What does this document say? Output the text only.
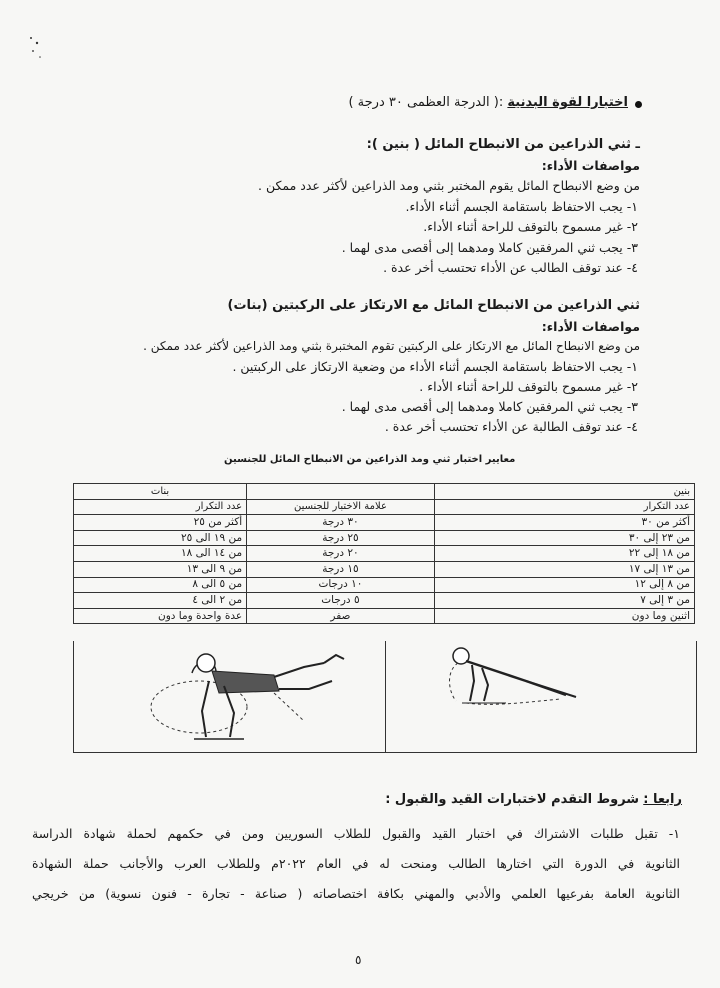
اختبارا لقوة البدنية :( الدرجة العظمى ٣٠ درجة )
ـ ثني الذراعين من الانبطاح المائل ( بنين ):
مواصفات الأداء:
من وضع الانبطاح المائل يقوم المختبر بثني ومد الذراعين لأكثر عدد ممكن .
١- يجب الاحتفاظ باستقامة الجسم أثناء الأداء.
٢- غير مسموح بالتوقف للراحة أثناء الأداء.
٣- يجب ثني المرفقين كاملا ومدهما إلى أقصى مدى لهما .
٤- عند توقف الطالب عن الأداء تحتسب أخر عدة .
ثني الذراعين من الانبطاح المائل مع الارتكاز على الركبتين (بنات)
مواصفات الأداء:
من وضع الانبطاح المائل مع الارتكاز على الركبتين تقوم المختبرة بثني ومد الذراعين لأكثر عدد ممكن .
١- يجب الاحتفاظ باستقامة الجسم أثناء الأداء من وضعية الارتكاز على الركبتين .
٢- غير مسموح بالتوقف للراحة أثناء الأداء .
٣- يجب ثني المرفقين كاملا ومدهما إلى أقصى مدى لهما .
٤- عند توقف الطالبة عن الأداء تحتسب أخر عدة .
معايير اختبار ثني ومد الذراعين من الانبطاح المائل للجنسين
بنين		بنات
عدد التكرار	علامة الاختبار للجنسين	عدد التكرار
أكثر من ٣٠	٣٠ درجة	أكثر من ٢٥
من ٢٣ إلى ٣٠	٢٥ درجة	من ١٩ الى ٢٥
من ١٨ إلى ٢٢	٢٠ درجة	من ١٤ الى ١٨
من ١٣ إلى ١٧	١٥ درجة	من ٩ الى ١٣
من ٨ إلى ١٢	١٠ درجات	من ٥ الى ٨
من ٣ إلى ٧	٥ درجات	من ٢ الى ٤
اثنين وما دون	صفر	عدة واحدة وما دون
رابعا : شروط التقدم لاختبارات القيد والقبول :
١- تقبل طلبات الاشتراك في اختبار القيد والقبول للطلاب السوريين ومن في حكمهم لحملة شهادة الدراسة
الثانوية في الدورة التي اختارها الطالب ومنحت له في العام ٢٠٢٢م وللطلاب العرب والأجانب حملة الشهادة
الثانوية العامة بفرعيها العلمي والأدبي والمهني بكافة اختصاصاته ( صناعة - تجارة - فنون نسوية) من خريجي
٥
